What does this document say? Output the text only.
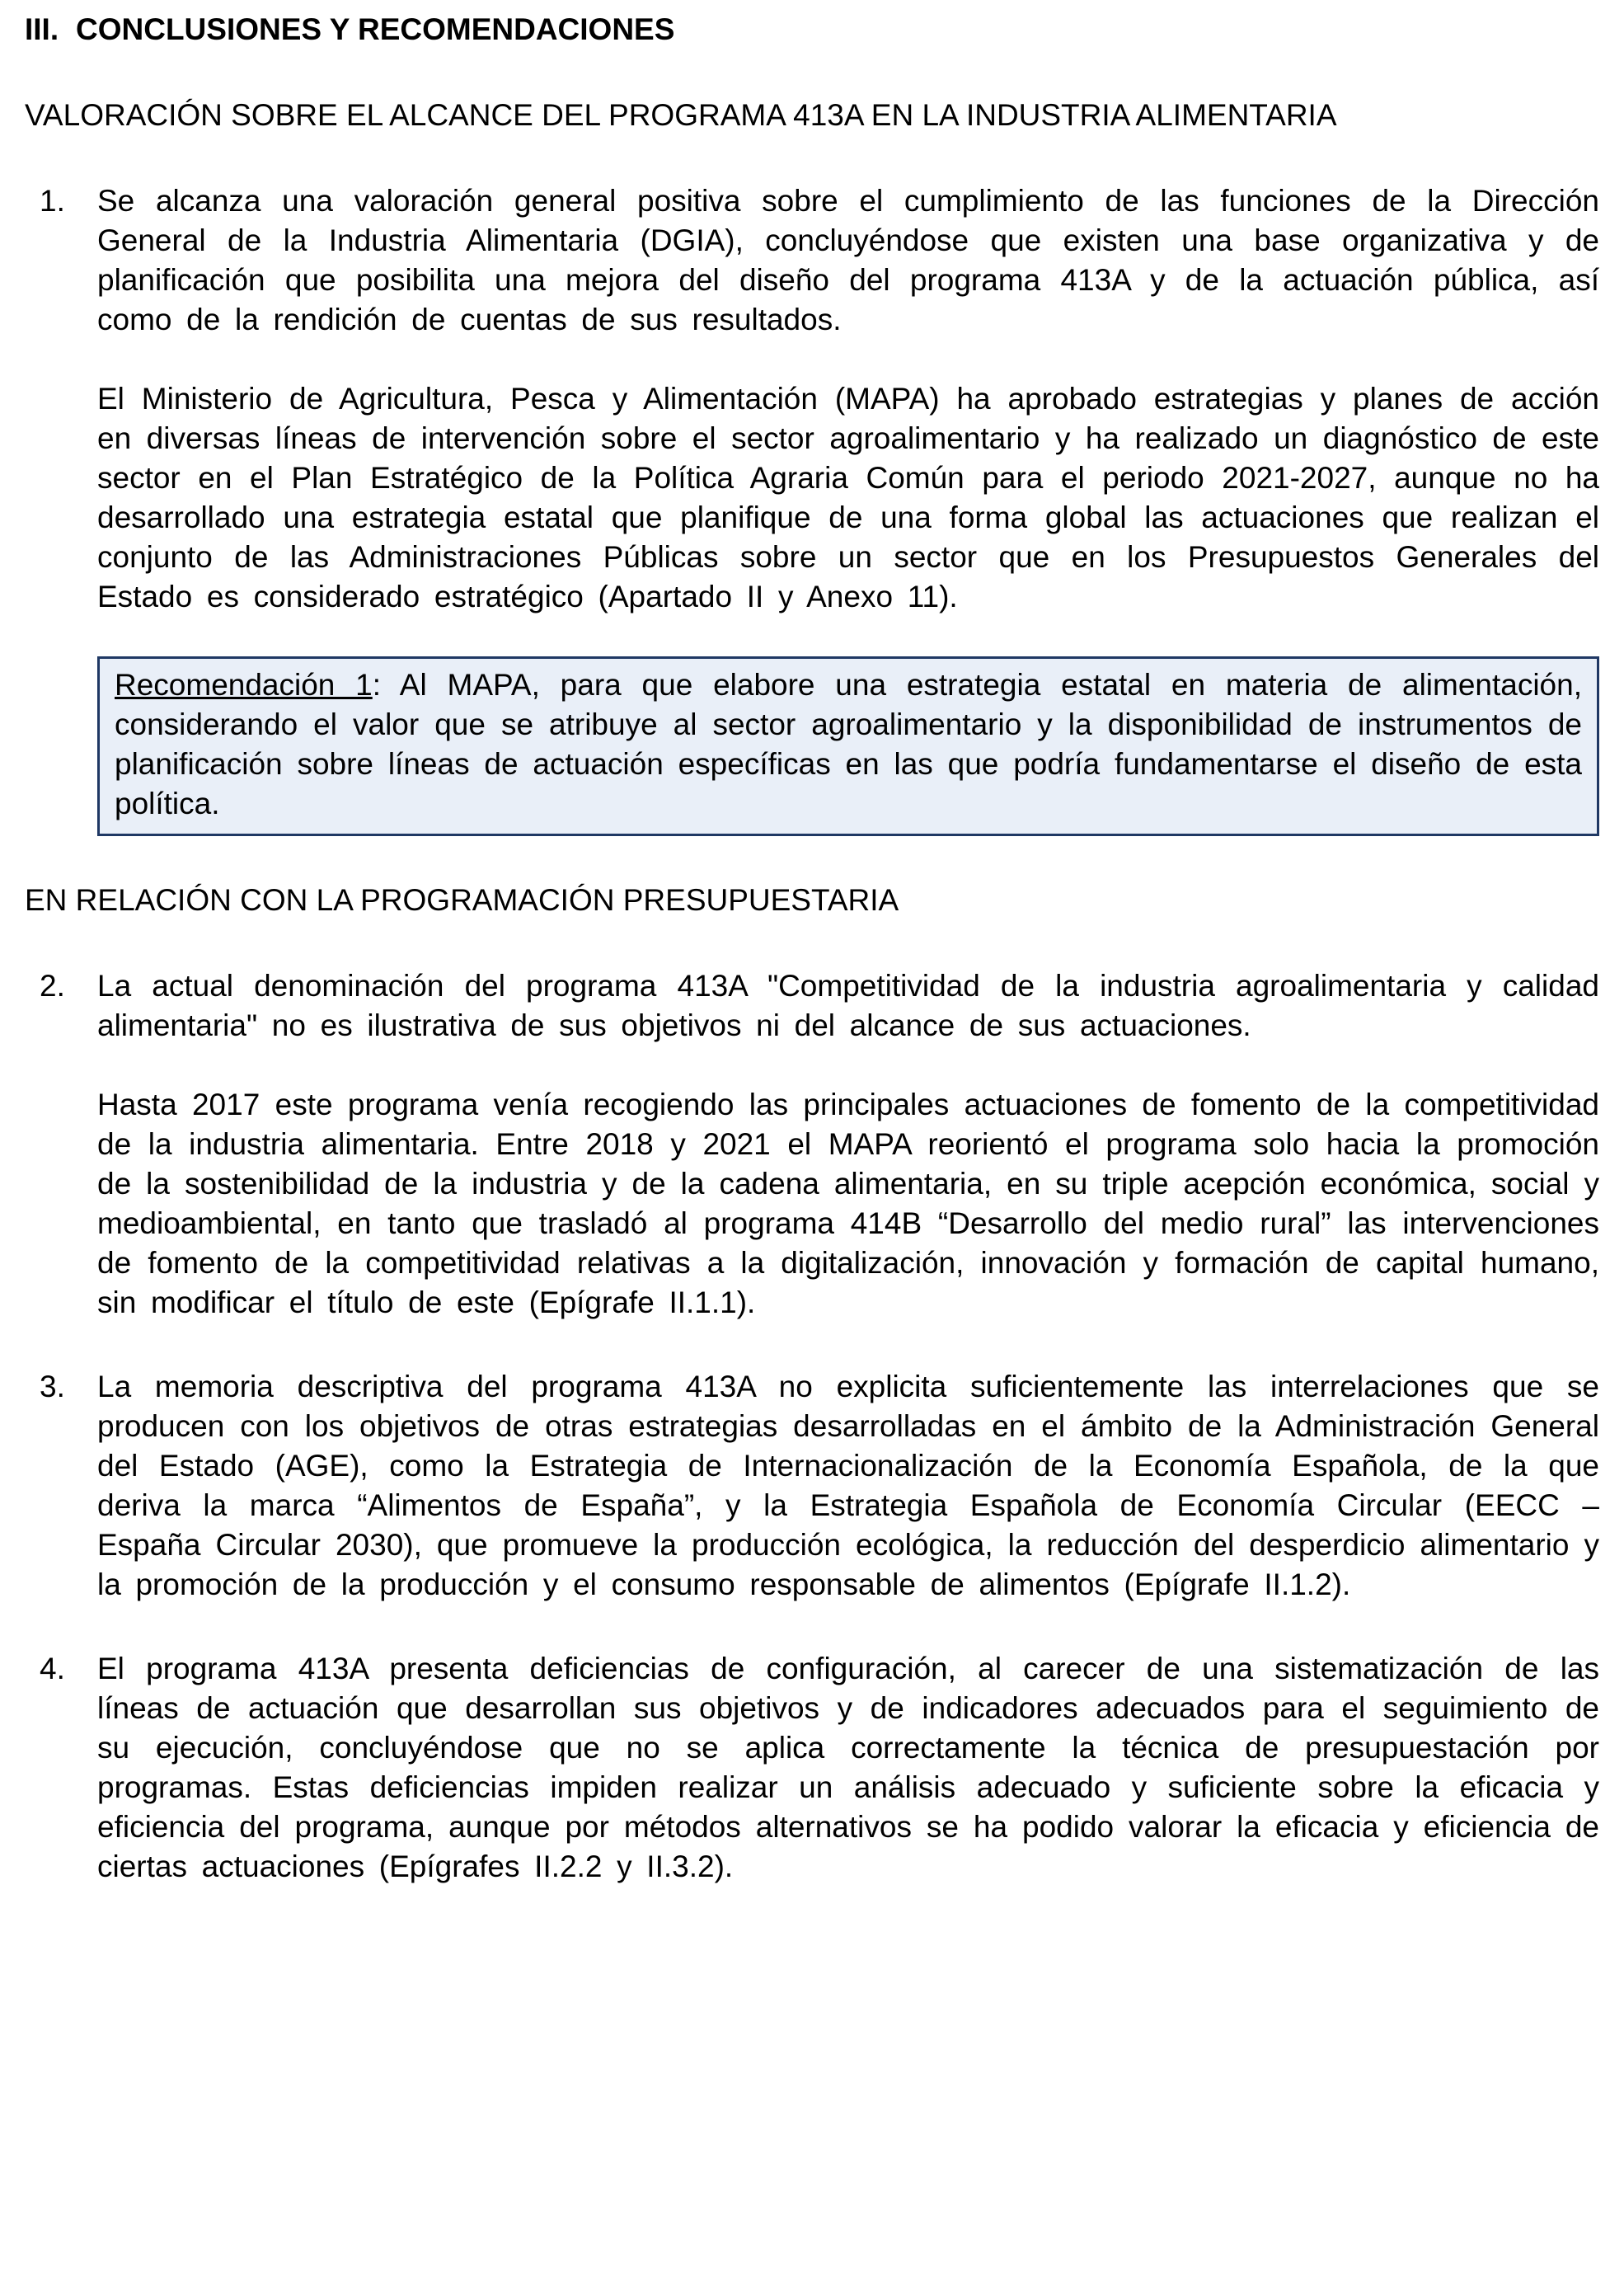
III. CONCLUSIONES Y RECOMENDACIONES

VALORACIÓN SOBRE EL ALCANCE DEL PROGRAMA 413A EN LA INDUSTRIA ALIMENTARIA

1.	Se alcanza una valoración general positiva sobre el cumplimiento de las funciones de la Dirección General de la Industria Alimentaria (DGIA), concluyéndose que existen una base organizativa y de planificación que posibilita una mejora del diseño del programa 413A y de la actuación pública, así como de la rendición de cuentas de sus resultados.

El Ministerio de Agricultura, Pesca y Alimentación (MAPA) ha aprobado estrategias y planes de acción en diversas líneas de intervención sobre el sector agroalimentario y ha realizado un diagnóstico de este sector en el Plan Estratégico de la Política Agraria Común para el periodo 2021-2027, aunque no ha desarrollado una estrategia estatal que planifique de una forma global las actuaciones que realizan el conjunto de las Administraciones Públicas sobre un sector que en los Presupuestos Generales del Estado es considerado estratégico (Apartado II y Anexo 11).

Recomendación 1: Al MAPA, para que elabore una estrategia estatal en materia de alimentación, considerando el valor que se atribuye al sector agroalimentario y la disponibilidad de instrumentos de planificación sobre líneas de actuación específicas en las que podría fundamentarse el diseño de esta política.

EN RELACIÓN CON LA PROGRAMACIÓN PRESUPUESTARIA

2.	La actual denominación del programa 413A "Competitividad de la industria agroalimentaria y calidad alimentaria" no es ilustrativa de sus objetivos ni del alcance de sus actuaciones.

Hasta 2017 este programa venía recogiendo las principales actuaciones de fomento de la competitividad de la industria alimentaria. Entre 2018 y 2021 el MAPA reorientó el programa solo hacia la promoción de la sostenibilidad de la industria y de la cadena alimentaria, en su triple acepción económica, social y medioambiental, en tanto que trasladó al programa 414B “Desarrollo del medio rural” las intervenciones de fomento de la competitividad relativas a la digitalización, innovación y formación de capital humano, sin modificar el título de este (Epígrafe II.1.1).

3.	La memoria descriptiva del programa 413A no explicita suficientemente las interrelaciones que se producen con los objetivos de otras estrategias desarrolladas en el ámbito de la Administración General del Estado (AGE), como la Estrategia de Internacionalización de la Economía Española, de la que deriva la marca “Alimentos de España”, y la Estrategia Española de Economía Circular (EECC – España Circular 2030), que promueve la producción ecológica, la reducción del desperdicio alimentario y la promoción de la producción y el consumo responsable de alimentos (Epígrafe II.1.2).

4.	El programa 413A presenta deficiencias de configuración, al carecer de una sistematización de las líneas de actuación que desarrollan sus objetivos y de indicadores adecuados para el seguimiento de su ejecución, concluyéndose que no se aplica correctamente la técnica de presupuestación por programas. Estas deficiencias impiden realizar un análisis adecuado y suficiente sobre la eficacia y eficiencia del programa, aunque por métodos alternativos se ha podido valorar la eficacia y eficiencia de ciertas actuaciones (Epígrafes II.2.2 y II.3.2).
